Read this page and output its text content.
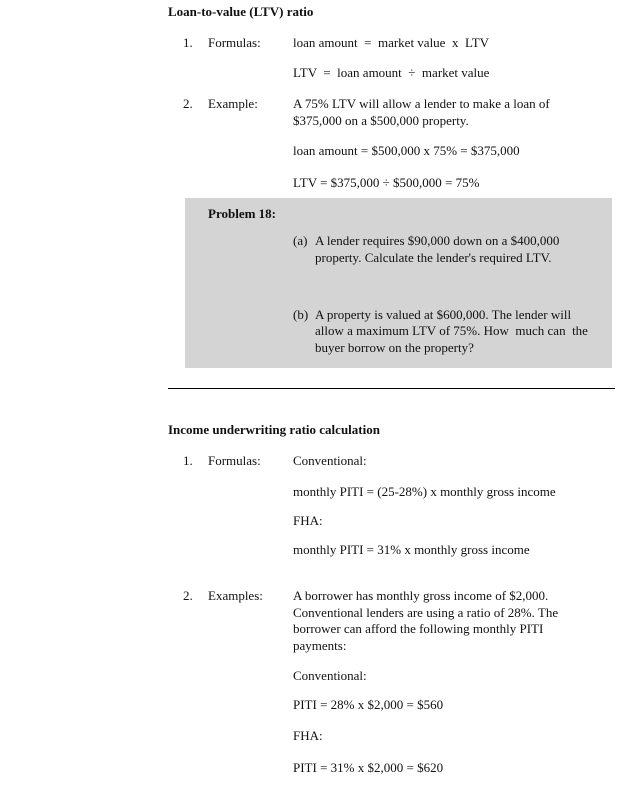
Loan-to-value (LTV) ratio
1. Formulas: loan amount  =  market value  x  LTV
LTV  =  loan amount  ÷  market value
2. Example:	A 75% LTV will allow a lender to make a loan of
$375,000 on a $500,000 property.
loan amount = $500,000 x 75% = $375,000
LTV = $375,000 ÷ $500,000 = 75%
Problem 18:
(a) A lender requires $90,000 down on a $400,000
property. Calculate the lender's required LTV.
(b) A property is valued at $600,000. The lender will
allow a maximum LTV of 75%. How  much can  the
buyer borrow on the property?
Income underwriting ratio calculation
1. Formulas: Conventional:
monthly PITI = (25-28%) x monthly gross income
FHA:
monthly PITI = 31% x monthly gross income
2. Examples: A borrower has monthly gross income of $2,000.
Conventional lenders are using a ratio of 28%. The
borrower can afford the following monthly PITI
payments:
Conventional:
PITI = 28% x $2,000 = $560
FHA:
PITI = 31% x $2,000 = $620
